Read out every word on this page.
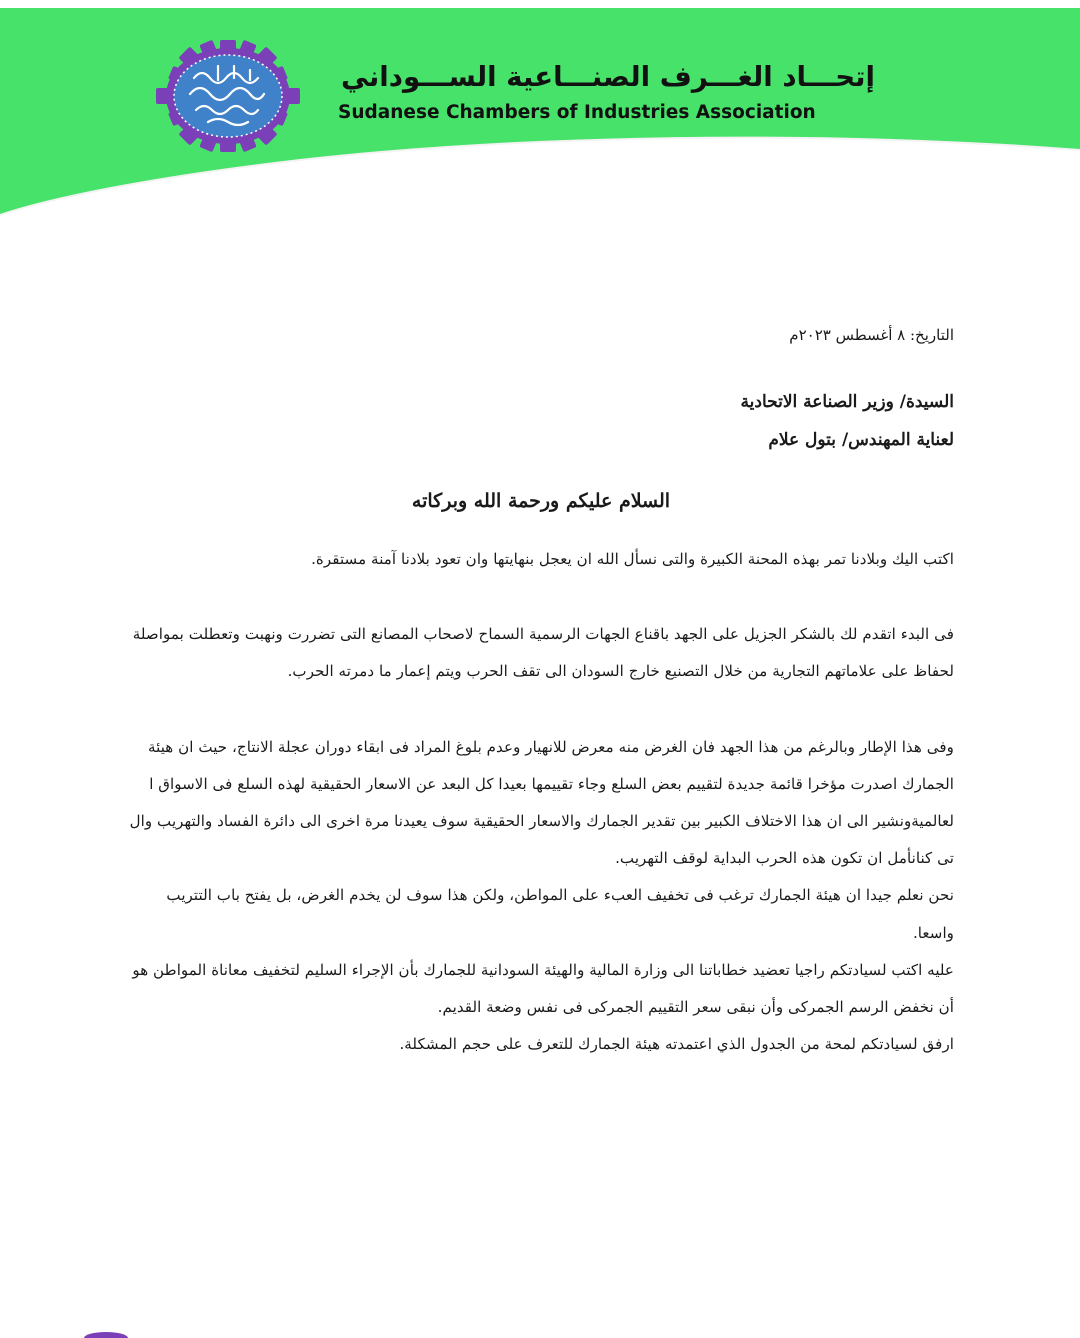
إتحـــاد الغـــرف الصنـــاعية الســـوداني
Sudanese Chambers of Industries Association
التاريخ: ٨ أغسطس ٢٠٢٣م
السيدة/ وزير الصناعة الاتحادية
لعناية المهندس/ بتول علام
السلام عليكم ورحمة الله وبركاته
اكتب اليك وبلادنا تمر بهذه المحنة الكبيرة والتى نسأل الله ان يعجل بنهايتها وان تعود بلادنا آمنة مستقرة.
فى البدء اتقدم لك بالشكر الجزيل على الجهد باقناع الجهات الرسمية السماح لاصحاب المصانع التى تضررت ونهبت وتعطلت بمواصلة
لحفاظ على علاماتهم التجارية من خلال التصنيع خارج السودان الى تقف الحرب ويتم إعمار ما دمرته الحرب.
وفى هذا الإطار وبالرغم من هذا الجهد فان الغرض منه معرض للانهيار وعدم بلوغ المراد فى ابقاء دوران عجلة الانتاج، حيث ان هيئة
الجمارك اصدرت مؤخرا قائمة جديدة لتقييم بعض السلع وجاء تقييمها بعيدا كل البعد عن الاسعار الحقيقية لهذه السلع فى الاسواق ا
لعالميةونشير الى ان هذا الاختلاف الكبير بين تقدير الجمارك والاسعار الحقيقية سوف يعيدنا مرة اخرى الى دائرة الفساد والتهريب وال
تى كنانأمل ان تكون هذه الحرب البداية لوقف التهريب.
نحن نعلم جيدا ان هيئة الجمارك ترغب فى تخفيف العبء على المواطن، ولكن هذا سوف لن يخدم الغرض، بل يفتح باب التتريب
واسعا.
عليه اكتب لسيادتكم راجيا تعضيد خطاباتنا الى وزارة المالية والهيئة السودانية للجمارك بأن الإجراء السليم لتخفيف معاناة المواطن هو
أن نخفض الرسم الجمركى وأن نبقى سعر التقييم الجمركى فى نفس وضعة القديم.
ارفق لسيادتكم لمحة من الجدول الذي اعتمدته هيئة الجمارك للتعرف على حجم المشكلة.
